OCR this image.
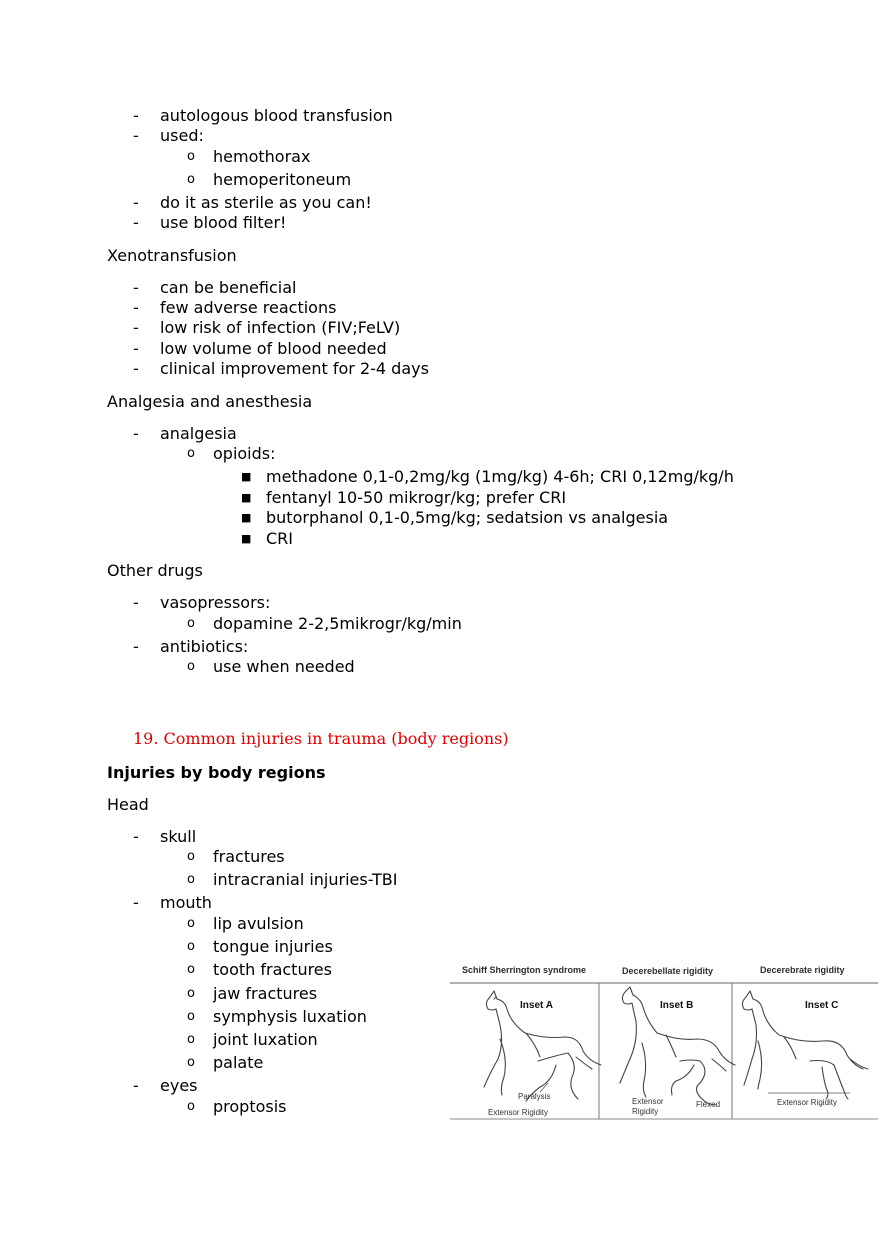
- autologous blood transfusion
- used:
o hemothorax
o hemoperitoneum
- do it as sterile as you can!
- use blood filter!
Xenotransfusion
- can be beneficial
- few adverse reactions
- low risk of infection (FIV;FeLV)
- low volume of blood needed
- clinical improvement for 2-4 days
Analgesia and anesthesia
- analgesia
o opioids:
■ methadone 0,1-0,2mg/kg (1mg/kg) 4-6h; CRI 0,12mg/kg/h
■ fentanyl 10-50 mikrogr/kg; prefer CRI
■ butorphanol 0,1-0,5mg/kg; sedatsion vs analgesia
■ CRI
Other drugs
- vasopressors:
o dopamine 2-2,5mikrogr/kg/min
- antibiotics:
o use when needed
19. Common injuries in trauma (body regions)
Injuries by body regions
Head
- skull
o fractures
o intracranial injuries-TBI
- mouth
o lip avulsion
o tongue injuries
o tooth fractures
o jaw fractures
o symphysis luxation
o joint luxation
o palate
- eyes
o proptosis
Schiff Sherrington syndrome	Decerebellate rigidity	Decerebrate rigidity
Inset A	Inset B	Inset C
Paralysis
Extensor Rigidity
Extensor
Rigidity
Flexed	Extensor Rigidity
